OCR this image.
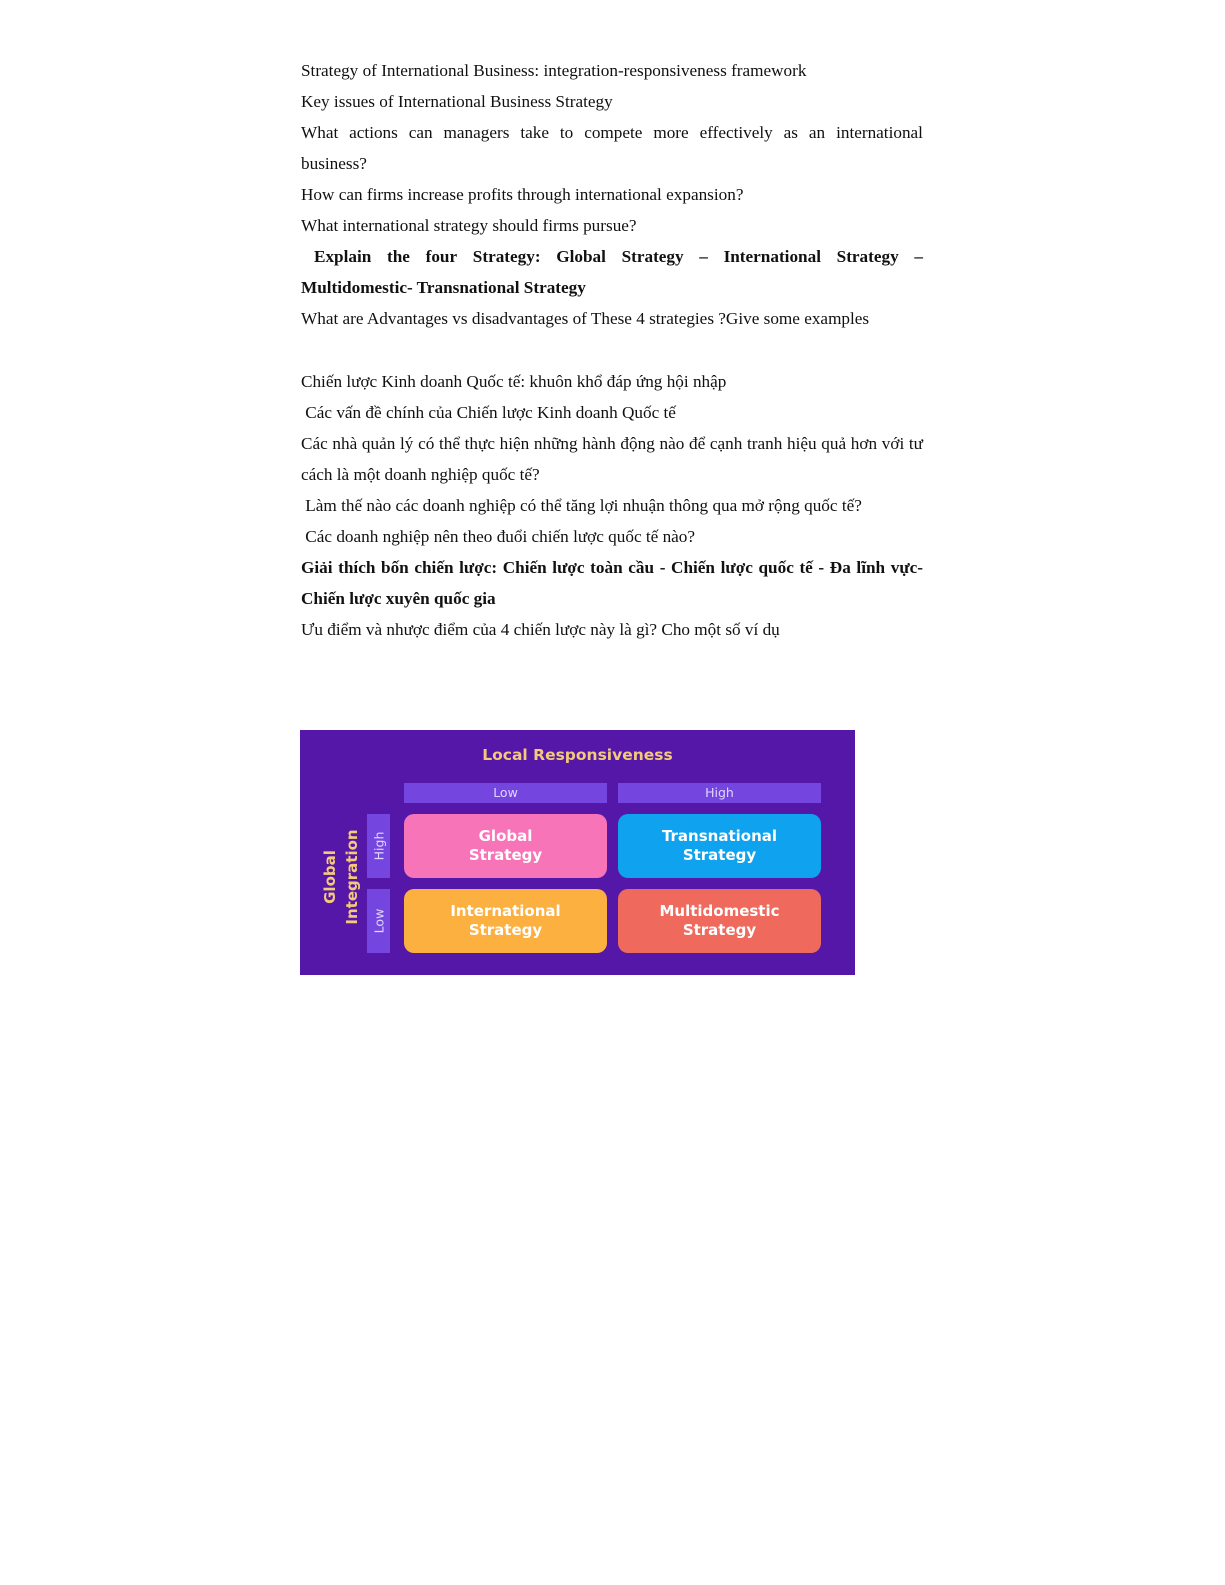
Strategy of International Business: integration-responsiveness framework
Key issues of International Business Strategy
What actions can managers take to compete more effectively as an international
business?
How can firms increase profits through international expansion?
What international strategy should firms pursue?
Explain the four Strategy: Global Strategy – International Strategy –
Multidomestic- Transnational Strategy
What are Advantages vs disadvantages of These 4 strategies ?Give some examples
Chiến lược Kinh doanh Quốc tế: khuôn khổ đáp ứng hội nhập
Các vấn đề chính của Chiến lược Kinh doanh Quốc tế
Các nhà quản lý có thể thực hiện những hành động nào để cạnh tranh hiệu quả hơn với tư cách là một doanh nghiệp quốc tế?
Làm thế nào các doanh nghiệp có thể tăng lợi nhuận thông qua mở rộng quốc tế?
Các doanh nghiệp nên theo đuổi chiến lược quốc tế nào?
Giải thích bốn chiến lược: Chiến lược toàn cầu - Chiến lược quốc tế - Đa lĩnh vực- Chiến lược xuyên quốc gia
Ưu điểm và nhược điểm của 4 chiến lược này là gì? Cho một số ví dụ
Local Responsiveness
Low	High
Global Integration High
Low
Global
Strategy
Transnational
Strategy
International
Strategy
Multidomestic
Strategy
